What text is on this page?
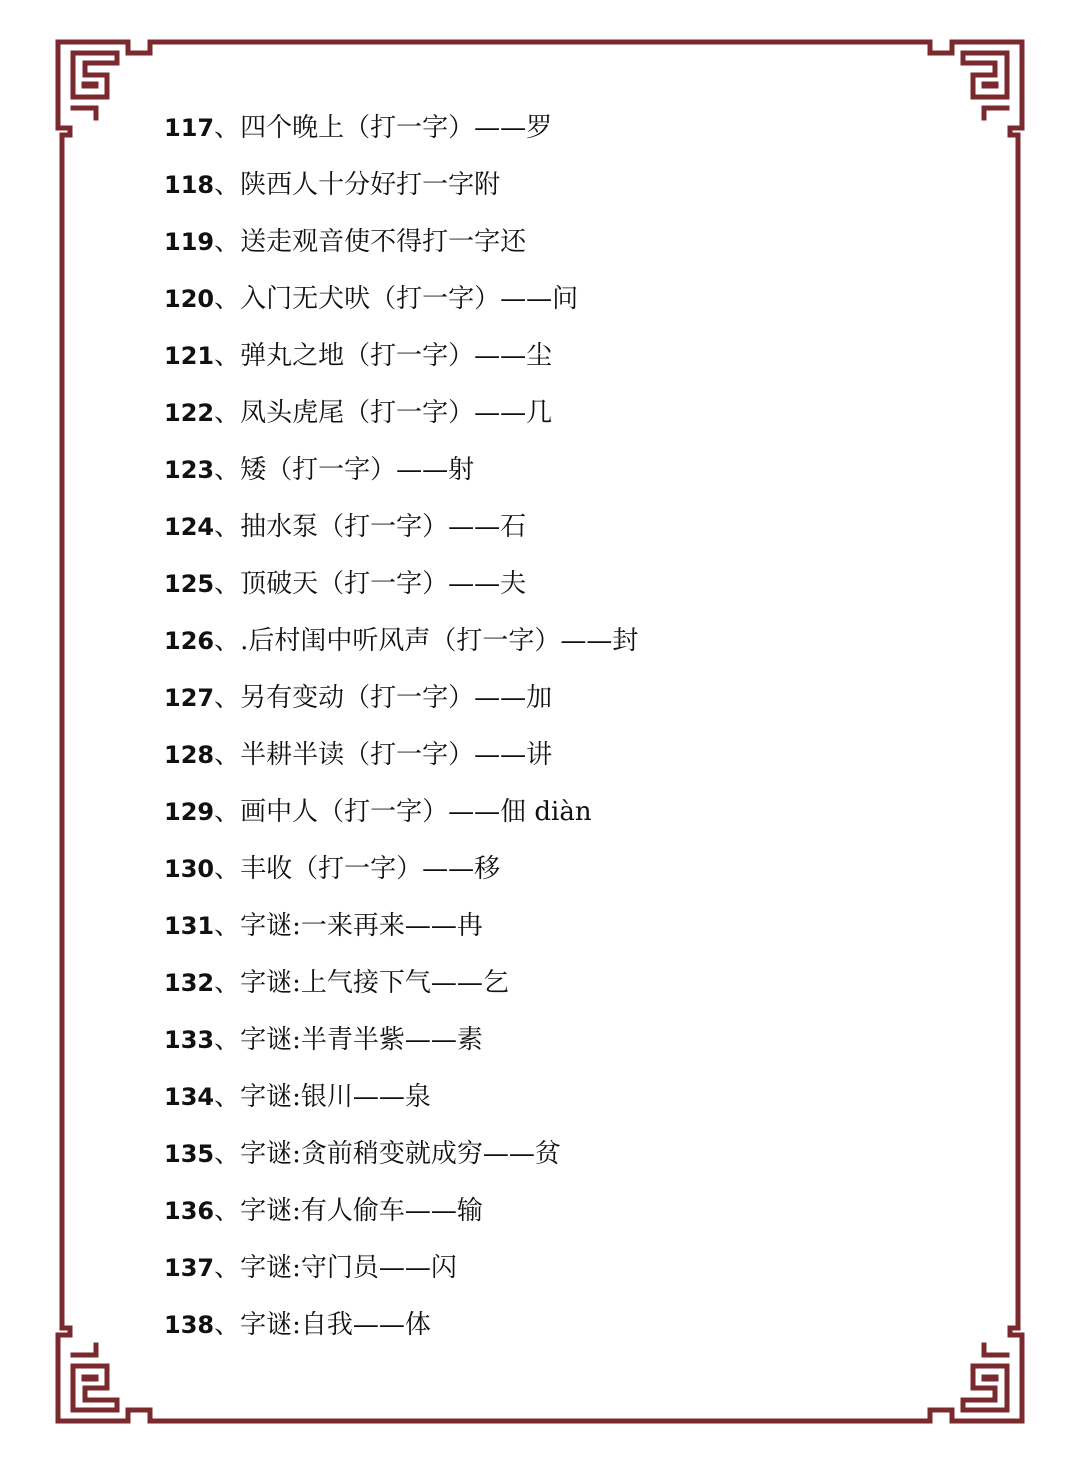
117、四个晚上（打一字）——罗
118、陕西人十分好打一字附
119、送走观音使不得打一字还
120、入门无犬吠（打一字）——问
121、弹丸之地（打一字）——尘
122、凤头虎尾（打一字）——几
123、矮（打一字）——射
124、抽水泵（打一字）——石
125、顶破天（打一字）——夫
126、.后村闺中听风声（打一字）——封
127、另有变动（打一字）——加
128、半耕半读（打一字）——讲
129、画中人（打一字）——佃 diàn
130、丰收（打一字）——移
131、字谜:一来再来——冉
132、字谜:上气接下气——乞
133、字谜:半青半紫——素
134、字谜:银川——泉
135、字谜:贪前稍变就成穷——贫
136、字谜:有人偷车——输
137、字谜:守门员——闪
138、字谜:自我——体
